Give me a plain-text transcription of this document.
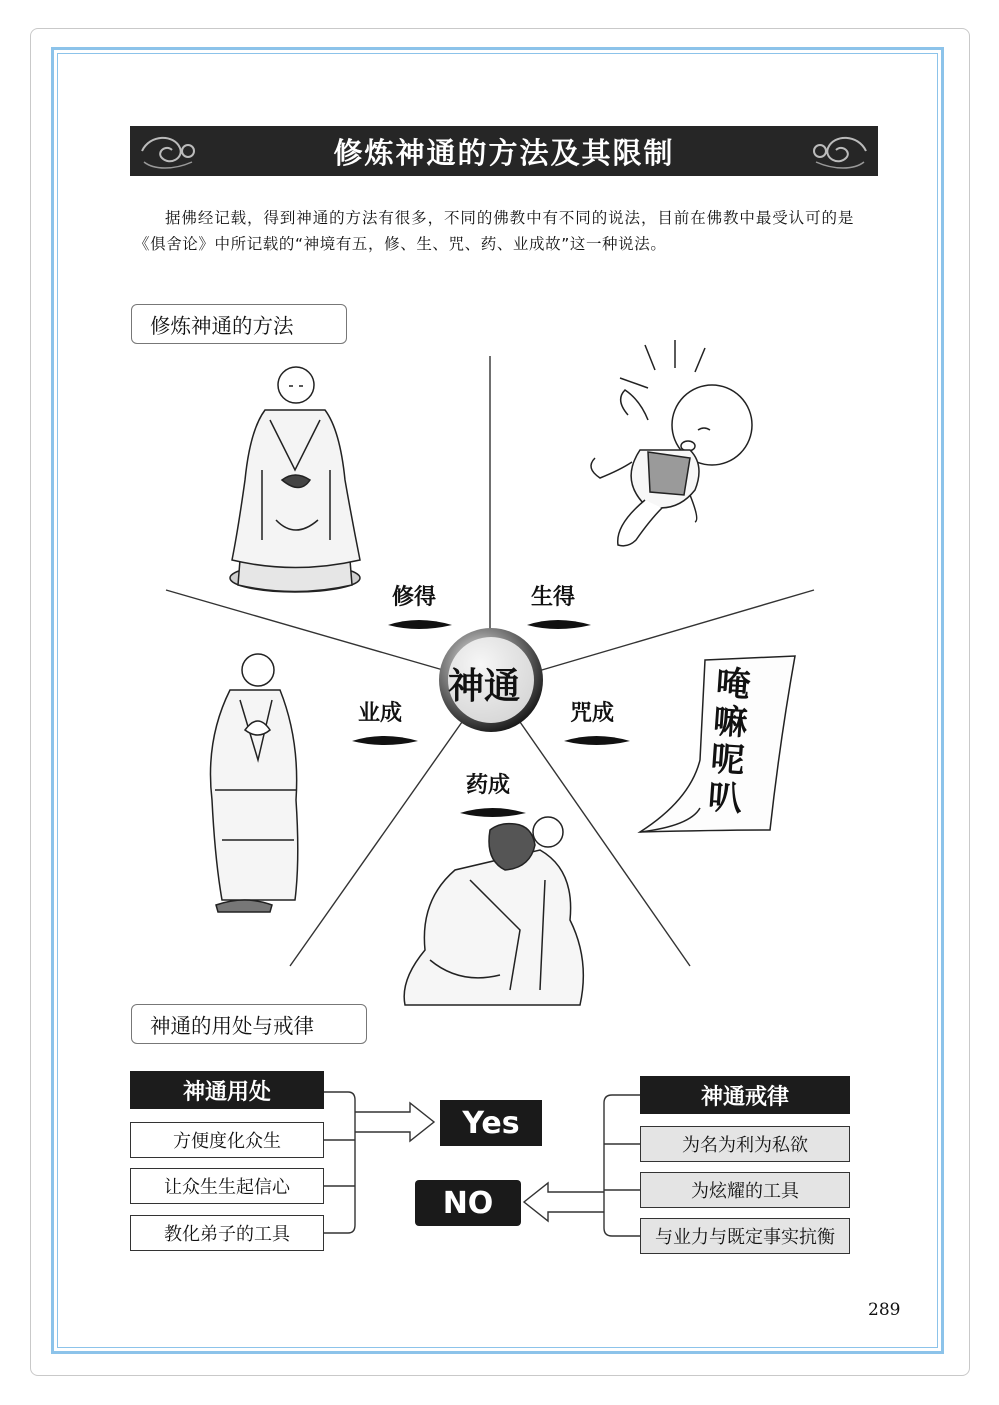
修炼神通的方法及其限制
据佛经记载，得到神通的方法有很多，不同的佛教中有不同的说法，目前在佛教中最受认可的是《俱舍论》中所记载的“神境有五，修、生、咒、药、业成故”这一种说法。
修炼神通的方法
神通
修得	生得
业成	咒成
药成
唵嘛呢叭
神通的用处与戒律
神通用处
方便度化众生
让众生生起信心
教化弟子的工具
神通戒律
为名为利为私欲
为炫耀的工具
与业力与既定事实抗衡
Yes
NO
289
